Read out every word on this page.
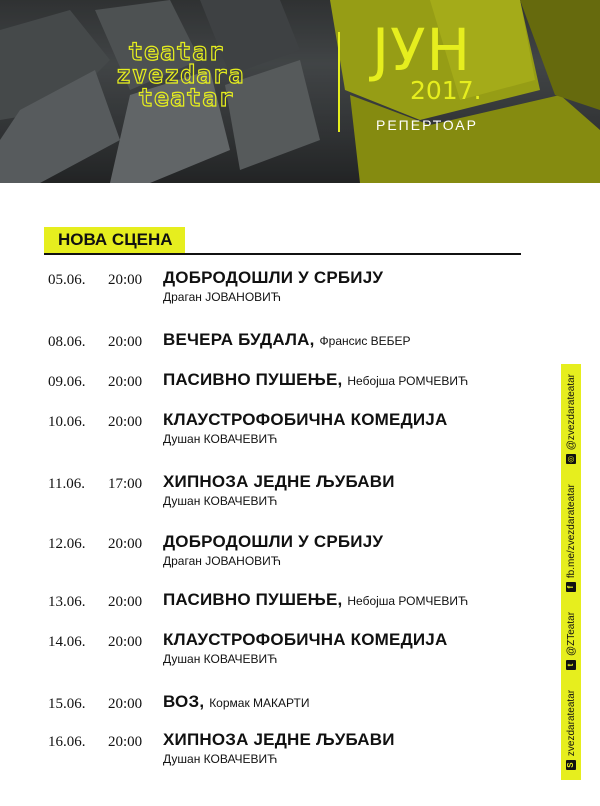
teatar
zvezdara
teatar
ЈУН
2017.
РЕПЕРТОАР
НОВА СЦЕНА
05.06. 20:00 ДОБРОДОШЛИ У СРБИЈУ
Драган ЈОВАНОВИЋ
08.06. 20:00 ВЕЧЕРА БУДАЛА, Франсис ВЕБЕР
09.06. 20:00 ПАСИВНО ПУШЕЊЕ, Небојша РОМЧЕВИЋ
10.06. 20:00 КЛАУСТРОФОБИЧНА КОМЕДИЈА
Душан КОВАЧЕВИЋ
11.06. 17:00 ХИПНОЗА ЈЕДНЕ ЉУБАВИ
Душан КОВАЧЕВИЋ
12.06. 20:00 ДОБРОДОШЛИ У СРБИЈУ
Драган ЈОВАНОВИЋ
13.06. 20:00 ПАСИВНО ПУШЕЊЕ, Небојша РОМЧЕВИЋ
14.06. 20:00 КЛАУСТРОФОБИЧНА КОМЕДИЈА
Душан КОВАЧЕВИЋ
15.06. 20:00 ВОЗ, Кормак МАКАРТИ
16.06. 20:00 ХИПНОЗА ЈЕДНЕ ЉУБАВИ
Душан КОВАЧЕВИЋ	S
zvezdarateatar
t
@ZTeatar
f
fb.me/zvezdarateatar
◎
@zvezdarateatar
